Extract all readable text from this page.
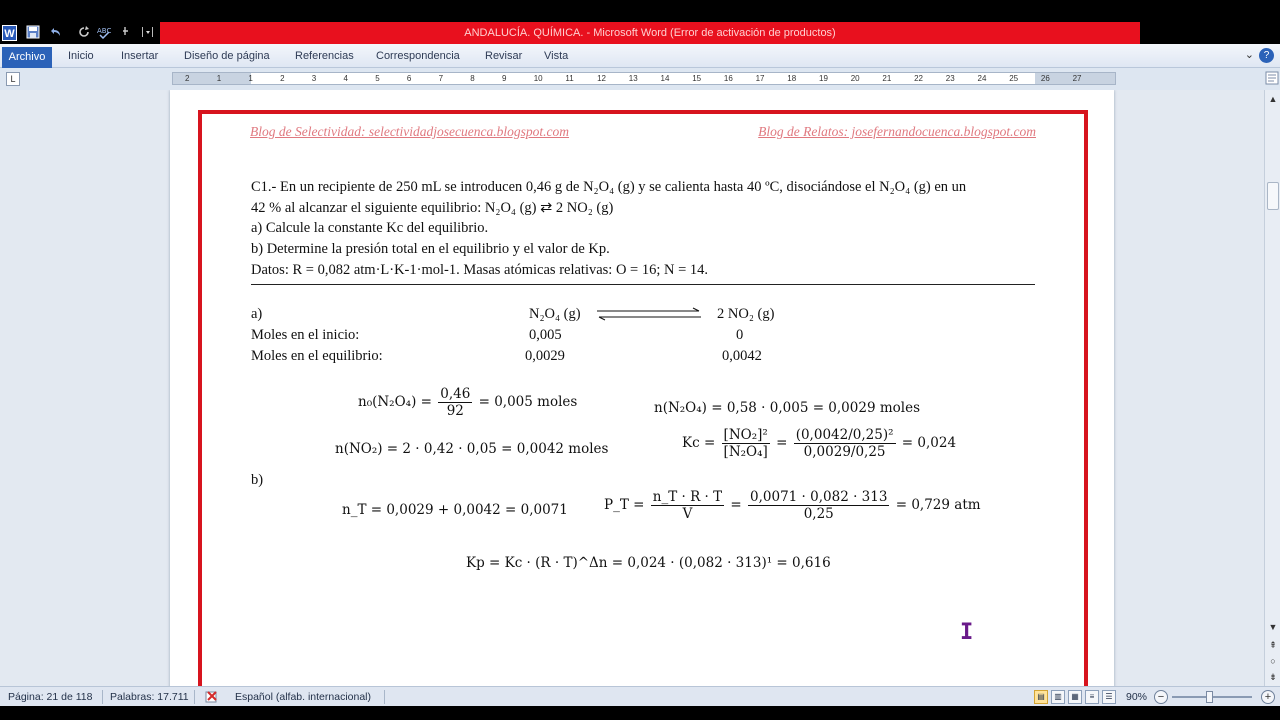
W	ABC	ANDALUCÍA. QUÍMICA. - Microsoft Word (Error de activación de productos)
Archivo	Inicio Insertar Diseño de página Referencias Correspondencia Revisar Vista	⌄ ?
L	2	1	1	2	3	4	5	6	7	8	9	10	11	12	13	14	15	16	17	18	19	20	21	22	23	24	25	26	27
Blog de Selectividad: selectividadjosecuenca.blogspot.com	Blog de Relatos: josefernandocuenca.blogspot.com
C1.- En un recipiente de 250 mL se introducen 0,46 g de N₂O₄ (g) y se calienta hasta 40 ºC, disociándose el N₂O₄ (g) en un
42 % al alcanzar el siguiente equilibrio: N₂O₄ (g) ⇄ 2 NO₂ (g)
a) Calcule la constante Kc del equilibrio.
b) Determine la presión total en el equilibrio y el valor de Kp.
Datos: R = 0,082 atm·L·K-1·mol-1. Masas atómicas relativas: O = 16; N = 14.
a)	N₂O₄ (g)	2 NO₂ (g)
Moles en el inicio:	0,005	0
Moles en el equilibrio:	0,0029	0,0042
$n_0(N_2O_4) = \frac{0,46}{92} = 0,005$ moles	n(N₂O₄) = 0,58 · 0,005 = 0,0029 moles
n(NO₂) = 2 · 0,42 · 0,05 = 0,0042 moles	$Kc = \frac{\text{[NO₂]²}}{\text{[N₂O₄]}} = \frac{\text{(0,0042/0,25)²}}{0,0029/0,25} = 0,024$
b)
n_T = 0,0029 + 0,0042 = 0,0071	P_T = $\frac{n\_T \cdot R \cdot T}{V} = \frac{0,0071 \cdot 0,082 \cdot 313}{0,25} = 0,729$ atm
Kp = Kc · (R · T)^Δn = 0,024 · (0,082 · 313)¹ = 0,616
I
▲
▼
⇞
○
⇟
Página: 21 de 118 Palabras: 17.711	Español (alfab. internacional)	▤	▥	▦	≡	☰	90% −	+
